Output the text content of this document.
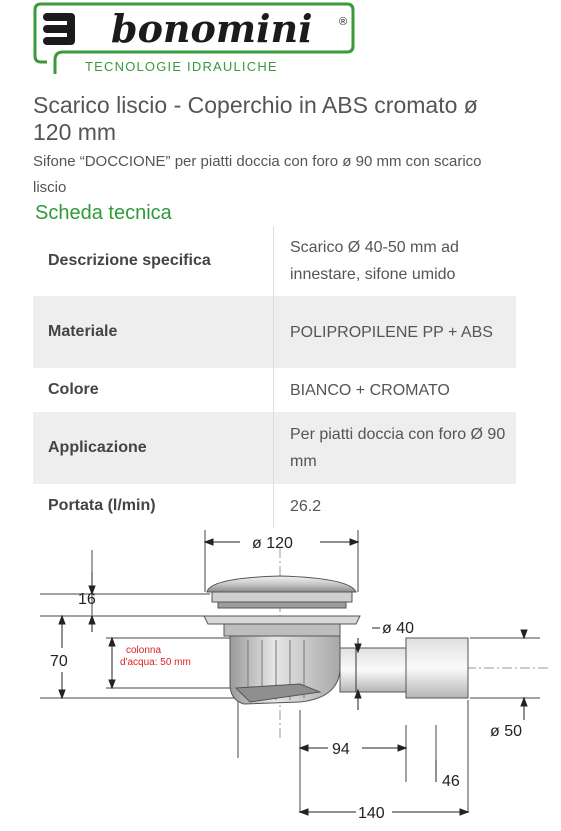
bonomini ®
TECNOLOGIE IDRAULICHE
Scarico liscio - Coperchio in ABS cromato ø 120 mm
Sifone “DOCCIONE” per piatti doccia con foro ø 90 mm con scarico liscio
Scheda tecnica
Descrizione specifica	Scarico Ø 40-50 mm ad innestare, sifone umido
Materiale	POLIPROPILENE PP + ABS
Colore	BIANCO + CROMATO
Applicazione	Per piatti doccia con foro Ø 90 mm
Portata (l/min)	26.2
ø 120
16
70
ø 40
ø 50
94
46
140
colonna
d'acqua: 50 mm
